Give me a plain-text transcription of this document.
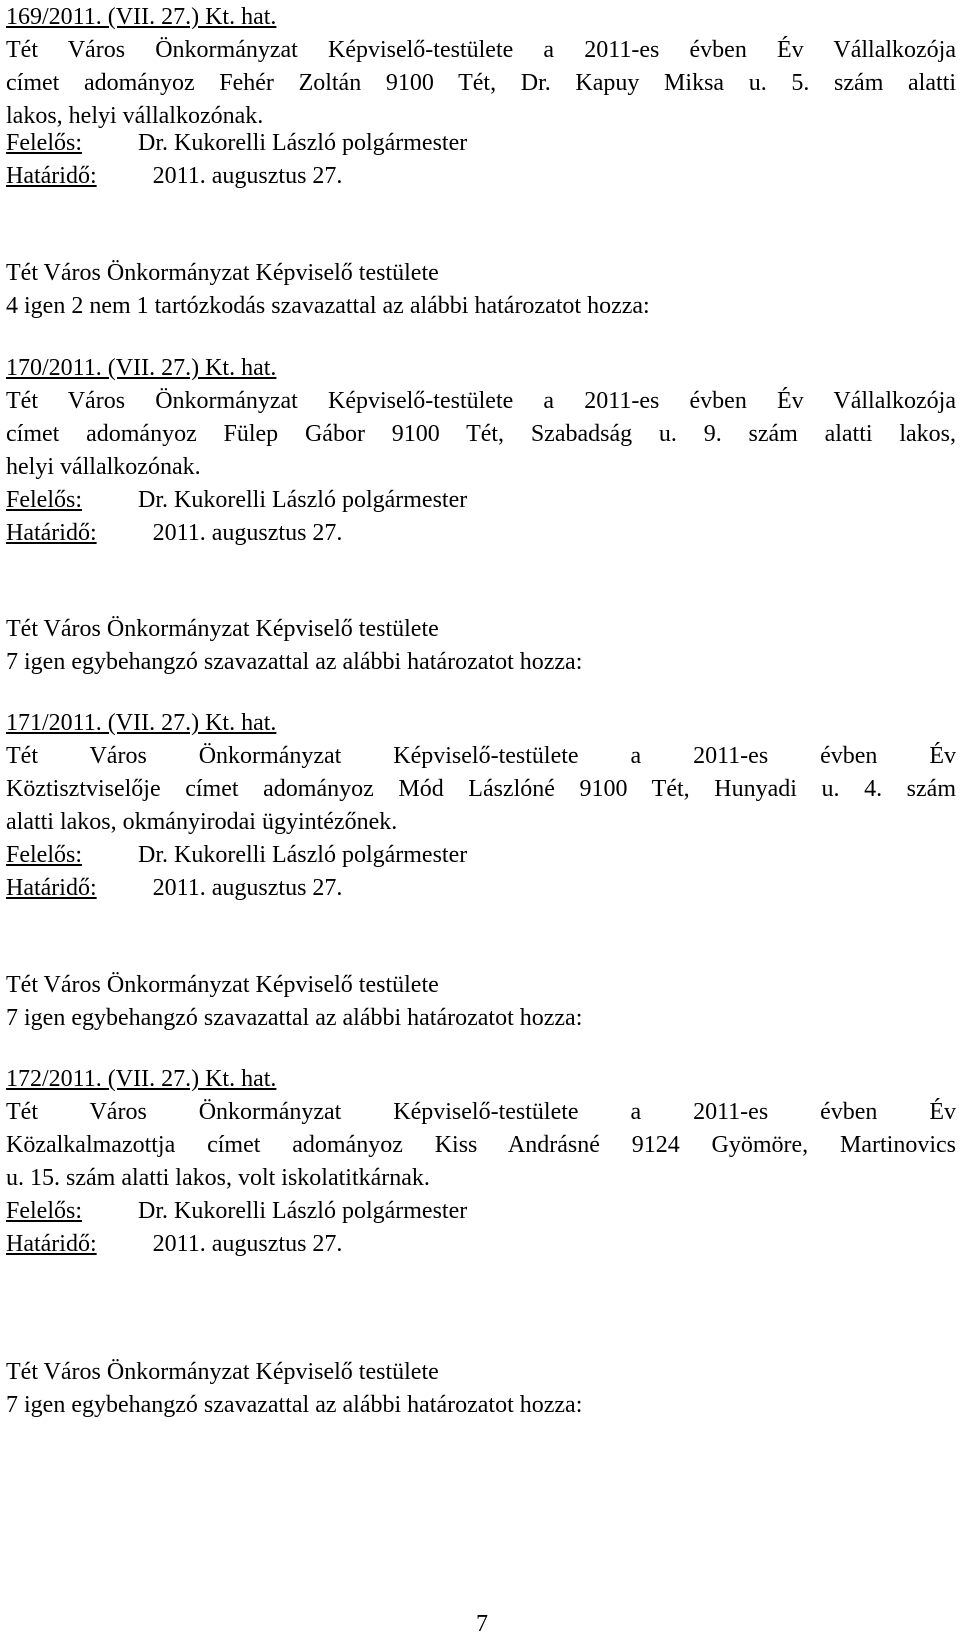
169/2011. (VII. 27.) Kt. hat.
Tét Város Önkormányzat Képviselő-testülete a 2011-es évben Év Vállalkozója
címet adományoz Fehér Zoltán 9100 Tét, Dr. Kapuy Miksa u. 5. szám alatti
lakos, helyi vállalkozónak.
Felelős: Dr. Kukorelli László polgármester
Határidő: 2011. augusztus 27.
Tét Város Önkormányzat Képviselő testülete
4 igen 2 nem 1 tartózkodás szavazattal az alábbi határozatot hozza:
170/2011. (VII. 27.) Kt. hat.
Tét Város Önkormányzat Képviselő-testülete a 2011-es évben Év Vállalkozója
címet adományoz Fülep Gábor 9100 Tét, Szabadság u. 9. szám alatti lakos,
helyi vállalkozónak.
Felelős: Dr. Kukorelli László polgármester
Határidő: 2011. augusztus 27.
Tét Város Önkormányzat Képviselő testülete
7 igen egybehangzó szavazattal az alábbi határozatot hozza:
171/2011. (VII. 27.) Kt. hat.
Tét Város Önkormányzat Képviselő-testülete a 2011-es évben Év
Köztisztviselője címet adományoz Mód Lászlóné 9100 Tét, Hunyadi u. 4. szám
alatti lakos, okmányirodai ügyintézőnek.
Felelős: Dr. Kukorelli László polgármester
Határidő: 2011. augusztus 27.
Tét Város Önkormányzat Képviselő testülete
7 igen egybehangzó szavazattal az alábbi határozatot hozza:
172/2011. (VII. 27.) Kt. hat.
Tét Város Önkormányzat Képviselő-testülete a 2011-es évben Év
Közalkalmazottja címet adományoz Kiss Andrásné 9124 Gyömöre, Martinovics
u. 15. szám alatti lakos, volt iskolatitkárnak.
Felelős: Dr. Kukorelli László polgármester
Határidő: 2011. augusztus 27.
Tét Város Önkormányzat Képviselő testülete
7 igen egybehangzó szavazattal az alábbi határozatot hozza:
7
